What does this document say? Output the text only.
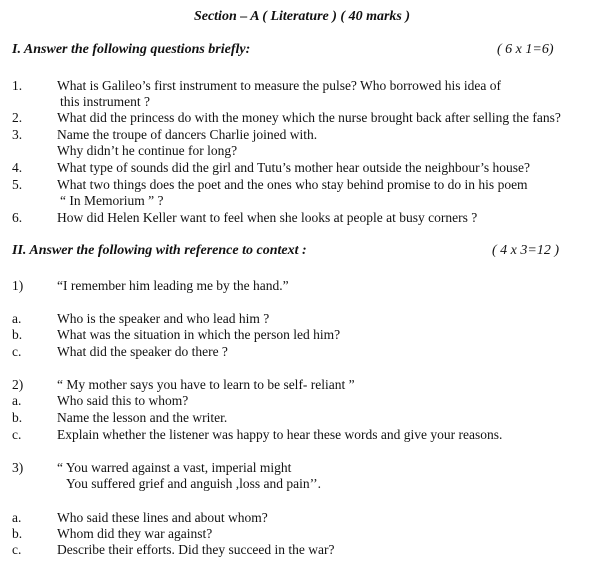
Section – A ( Literature ) ( 40 marks )
I. Answer the following questions briefly:	( 6 x 1=6)
1.	What is Galileo’s first instrument to measure the pulse? Who borrowed his idea of
this instrument ?
2.	What did the princess do with the money which the nurse brought back after selling the fans?
3.	Name the troupe of dancers Charlie joined with.
Why didn’t he continue for long?
4.	What type of sounds did the girl and Tutu’s mother hear outside the neighbour’s house?
5.	What two things does the poet and the ones who stay behind promise to do in his poem
“ In Memorium ” ?
6.	How did Helen Keller want to feel when she looks at people at busy corners ?
II. Answer the following with reference to context :	( 4 x 3=12 )
1)	“I remember him leading me by the hand.”
a.	Who is the speaker and who lead him ?
b.	What was the situation in which the person led him?
c.	What did the speaker do there ?
2)	“ My mother says you have to learn to be self- reliant ”
a.	Who said this to whom?
b.	Name the lesson and the writer.
c.	Explain whether the listener was happy to hear these words and give your reasons.
3)	“ You warred against a vast, imperial might
You suffered grief and anguish ,loss and pain’’.
a.	Who said these lines and about whom?
b.	Whom did they war against?
c.	Describe their efforts. Did they succeed in the war?
